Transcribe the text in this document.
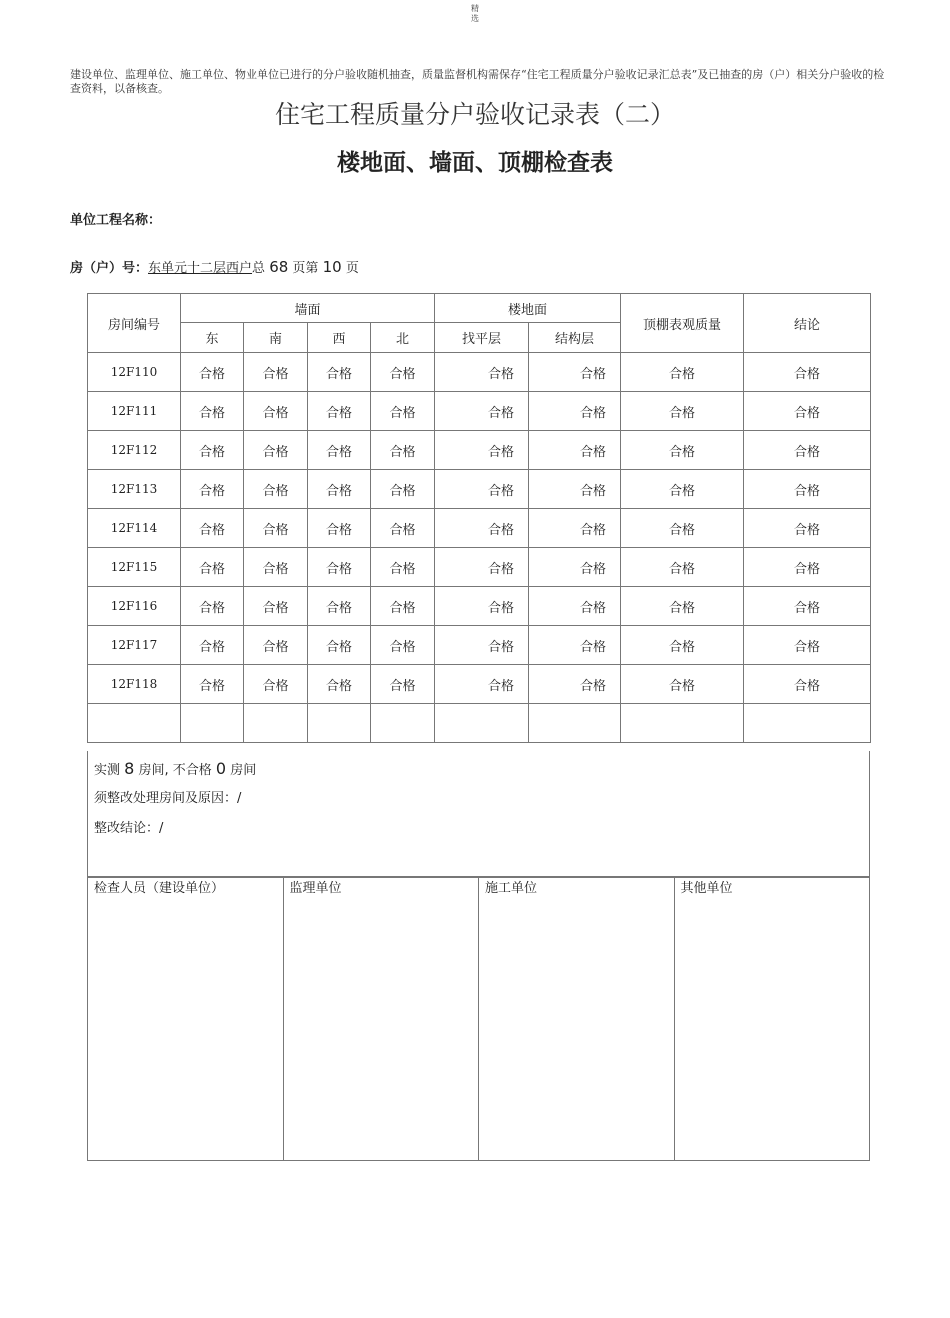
精
选
建设单位、监理单位、施工单位、物业单位已进行的分户验收随机抽查，质量监督机构需保存“住宅工程质量分户验收记录汇总表”及已抽查的房（户）相关分户验收的检查资料，以备核查。
住宅工程质量分户验收记录表（二）
楼地面、墙面、顶棚检查表
单位工程名称：
房（户）号：东单元十二层西户总 68 页第 10 页
房间编号	墙面				楼地面		顶棚表观质量	结论
	东	南	西	北	找平层	结构层		
12F110	合格	合格	合格	合格	合格	合格	合格	合格
12F111	合格	合格	合格	合格	合格	合格	合格	合格
12F112	合格	合格	合格	合格	合格	合格	合格	合格
12F113	合格	合格	合格	合格	合格	合格	合格	合格
12F114	合格	合格	合格	合格	合格	合格	合格	合格
12F115	合格	合格	合格	合格	合格	合格	合格	合格
12F116	合格	合格	合格	合格	合格	合格	合格	合格
12F117	合格	合格	合格	合格	合格	合格	合格	合格
12F118	合格	合格	合格	合格	合格	合格	合格	合格

实测 8 房间, 不合格 0 房间
须整改处理房间及原因：/
整改结论：/
检查人员（建设单位）	监理单位	施工单位	其他单位
